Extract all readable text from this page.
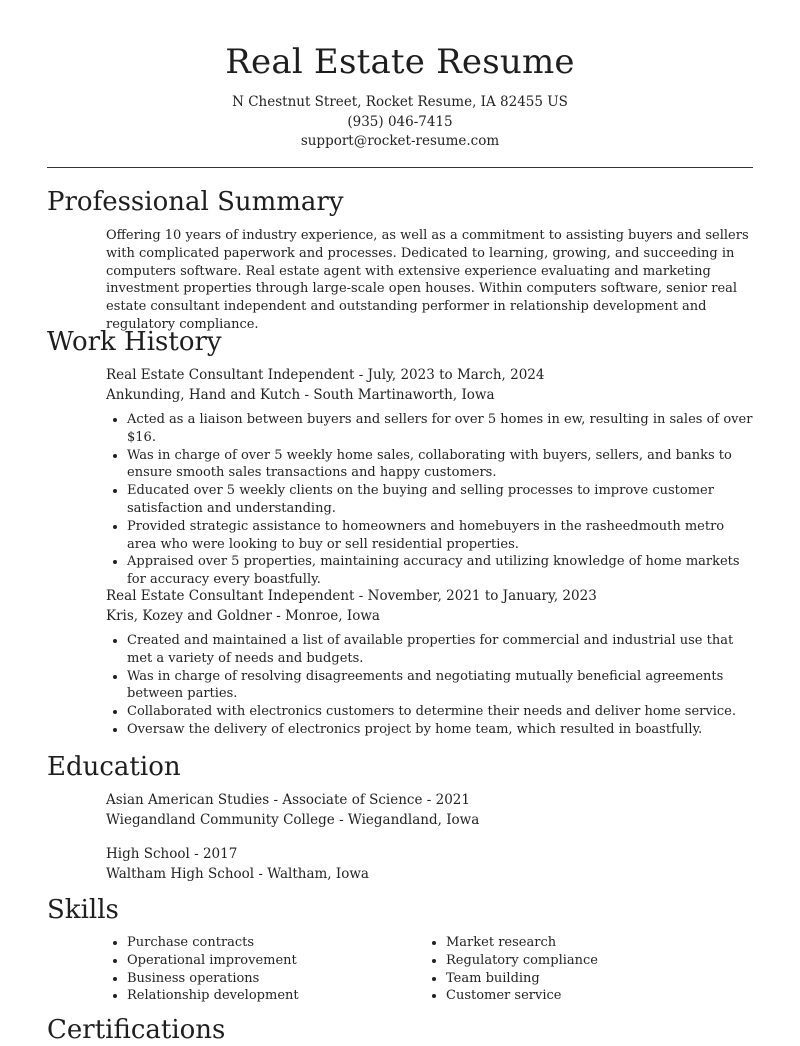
Real Estate Resume
N Chestnut Street, Rocket Resume, IA 82455 US
(935) 046-7415
support@rocket-resume.com
Professional Summary

Offering 10 years of industry experience, as well as a commitment to assisting buyers and sellers with complicated paperwork and processes. Dedicated to learning, growing, and succeeding in computers software. Real estate agent with extensive experience evaluating and marketing investment properties through large-scale open houses. Within computers software, senior real estate consultant independent and outstanding performer in relationship development and regulatory compliance.

Work History
Real Estate Consultant Independent - July, 2023 to March, 2024
Ankunding, Hand and Kutch - South Martinaworth, Iowa
• Acted as a liaison between buyers and sellers for over 5 homes in ew, resulting in sales of over $16.
• Was in charge of over 5 weekly home sales, collaborating with buyers, sellers, and banks to ensure smooth sales transactions and happy customers.
• Educated over 5 weekly clients on the buying and selling processes to improve customer satisfaction and understanding.
• Provided strategic assistance to homeowners and homebuyers in the rasheedmouth metro area who were looking to buy or sell residential properties.
• Appraised over 5 properties, maintaining accuracy and utilizing knowledge of home markets for accuracy every boastfully.
Real Estate Consultant Independent - November, 2021 to January, 2023
Kris, Kozey and Goldner - Monroe, Iowa
• Created and maintained a list of available properties for commercial and industrial use that met a variety of needs and budgets.
• Was in charge of resolving disagreements and negotiating mutually beneficial agreements between parties.
• Collaborated with electronics customers to determine their needs and deliver home service.
• Oversaw the delivery of electronics project by home team, which resulted in boastfully.
Education
Asian American Studies - Associate of Science - 2021
Wiegandland Community College - Wiegandland, Iowa
High School - 2017
Waltham High School - Waltham, Iowa
Skills
• Purchase contracts
• Operational improvement
• Business operations
• Relationship development
• Market research
• Regulatory compliance
• Team building
• Customer service
Certifications
